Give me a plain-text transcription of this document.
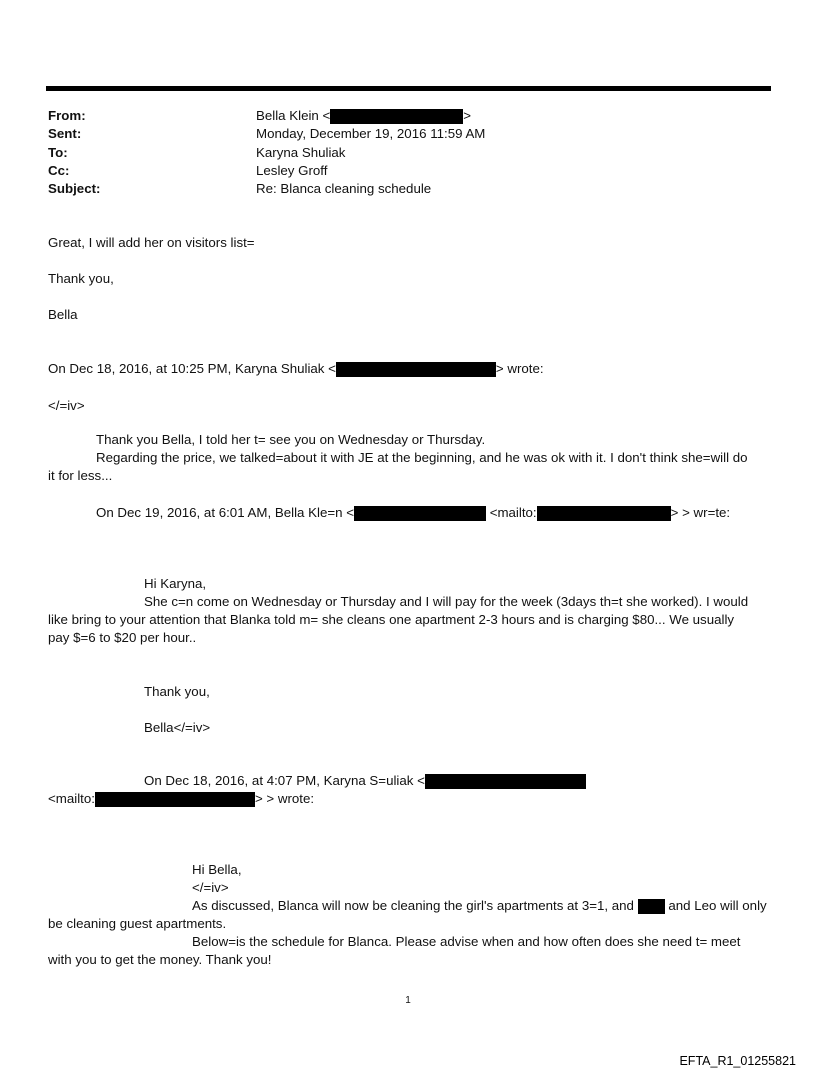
From:	Bella Klein <	>
Sent:	Monday, December 19, 2016 11:59 AM
To:	Karyna Shuliak
Cc:	Lesley Groff
Subject:	Re: Blanca cleaning schedule
Great, I will add her on visitors list=
Thank you,
Bella
On Dec 18, 2016, at 10:25 PM, Karyna Shuliak <	> wrote:
</=iv>
Thank you Bella, I told her t= see you on Wednesday or Thursday.
Regarding the price, we talked=about it with JE at the beginning, and he was ok with it. I don't think she=will do
it for less...
On Dec 19, 2016, at 6:01 AM, Bella Kle=n <	<mailto:	> > wr=te:
Hi Karyna,
She c=n come on Wednesday or Thursday and I will pay for the week (3days th=t she worked). I would
like bring to your attention that Blanka told m= she cleans one apartment 2-3 hours and is charging $80... We usually
pay $=6 to $20 per hour..
Thank you,
Bella</=iv>
On Dec 18, 2016, at 4:07 PM, Karyna S=uliak <
<mailto:	> > wrote:
Hi Bella,
</=iv>
As discussed, Blanca will now be cleaning the girl's apartments at 3=1, and	and Leo will only
be cleaning guest apartments.
Below=is the schedule for Blanca. Please advise when and how often does she need t= meet
with you to get the money. Thank you!
1
EFTA_R1_01255821
